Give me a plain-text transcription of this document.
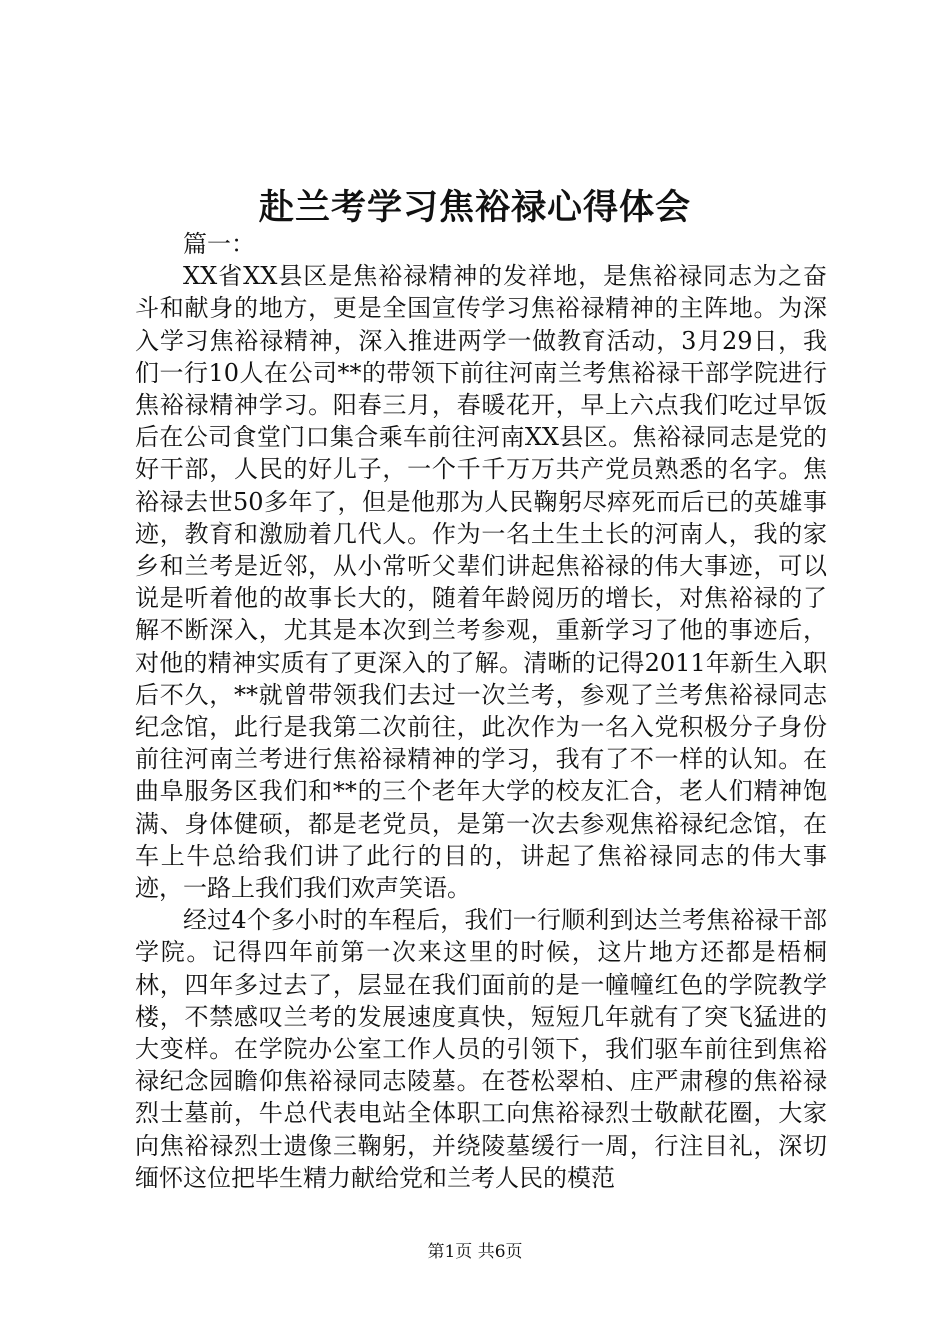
赴兰考学习焦裕禄心得体会

篇一：

XX省XX县区是焦裕禄精神的发祥地，是焦裕禄同志为之奋斗和献身的地方，更是全国宣传学习焦裕禄精神的主阵地。为深入学习焦裕禄精神，深入推进两学一做教育活动，3月29日，我们一行10人在公司**的带领下前往河南兰考焦裕禄干部学院进行焦裕禄精神学习。阳春三月，春暖花开，早上六点我们吃过早饭后在公司食堂门口集合乘车前往河南XX县区。焦裕禄同志是党的好干部，人民的好儿子，一个千千万万共产党员熟悉的名字。焦裕禄去世50多年了，但是他那为人民鞠躬尽瘁死而后已的英雄事迹，教育和激励着几代人。作为一名土生土长的河南人，我的家乡和兰考是近邻，从小常听父辈们讲起焦裕禄的伟大事迹，可以说是听着他的故事长大的，随着年龄阅历的增长，对焦裕禄的了解不断深入，尤其是本次到兰考参观，重新学习了他的事迹后，对他的精神实质有了更深入的了解。清晰的记得2011年新生入职后不久，**就曾带领我们去过一次兰考，参观了兰考焦裕禄同志纪念馆，此行是我第二次前往，此次作为一名入党积极分子身份前往河南兰考进行焦裕禄精神的学习，我有了不一样的认知。在曲阜服务区我们和**的三个老年大学的校友汇合，老人们精神饱满、身体健硕，都是老党员，是第一次去参观焦裕禄纪念馆，在车上牛总给我们讲了此行的目的，讲起了焦裕禄同志的伟大事迹，一路上我们我们欢声笑语。

经过4个多小时的车程后，我们一行顺利到达兰考焦裕禄干部学院。记得四年前第一次来这里的时候，这片地方还都是梧桐林，四年多过去了，层显在我们面前的是一幢幢红色的学院教学楼，不禁感叹兰考的发展速度真快，短短几年就有了突飞猛进的大变样。在学院办公室工作人员的引领下，我们驱车前往到焦裕禄纪念园瞻仰焦裕禄同志陵墓。在苍松翠柏、庄严肃穆的焦裕禄烈士墓前，牛总代表电站全体职工向焦裕禄烈士敬献花圈，大家向焦裕禄烈士遗像三鞠躬，并绕陵墓缓行一周，行注目礼，深切缅怀这位把毕生精力献给党和兰考人民的模范

第1页 共6页
